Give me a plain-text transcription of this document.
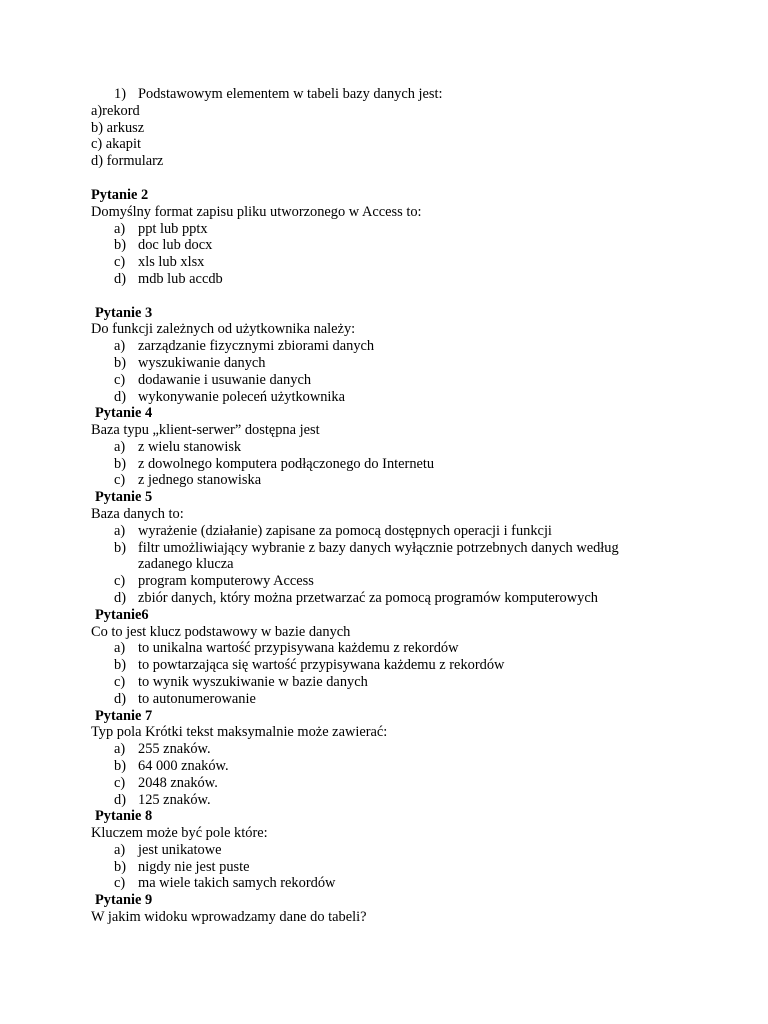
1) Podstawowym elementem w tabeli bazy danych jest:
a)rekord
b) arkusz
c) akapit
d) formularz
Pytanie 2
Domyślny format zapisu pliku utworzonego w Access to:
a) ppt lub pptx
b) doc lub docx
c) xls lub xlsx
d) mdb lub accdb
Pytanie 3
Do funkcji zależnych od użytkownika należy:
a) zarządzanie fizycznymi zbiorami danych
b) wyszukiwanie danych
c) dodawanie i usuwanie danych
d) wykonywanie poleceń użytkownika
Pytanie 4
Baza typu „klient-serwer” dostępna jest
a) z wielu stanowisk
b) z dowolnego komputera podłączonego do Internetu
c) z jednego stanowiska
Pytanie 5
Baza danych to:
a) wyrażenie (działanie) zapisane za pomocą dostępnych operacji i funkcji
b) filtr umożliwiający wybranie z bazy danych wyłącznie potrzebnych danych według
zadanego klucza
c) program komputerowy Access
d) zbiór danych, który można przetwarzać za pomocą programów komputerowych
Pytanie6
Co to jest klucz podstawowy w bazie danych
a) to unikalna wartość przypisywana każdemu z rekordów
b) to powtarzająca się wartość przypisywana każdemu z rekordów
c) to wynik wyszukiwanie w bazie danych
d) to autonumerowanie
Pytanie 7
Typ pola Krótki tekst maksymalnie może zawierać:
a) 255 znaków.
b) 64 000 znaków.
c) 2048 znaków.
d) 125 znaków.
Pytanie 8
Kluczem może być pole które:
a) jest unikatowe
b) nigdy nie jest puste
c) ma wiele takich samych rekordów
Pytanie 9
W jakim widoku wprowadzamy dane do tabeli?
